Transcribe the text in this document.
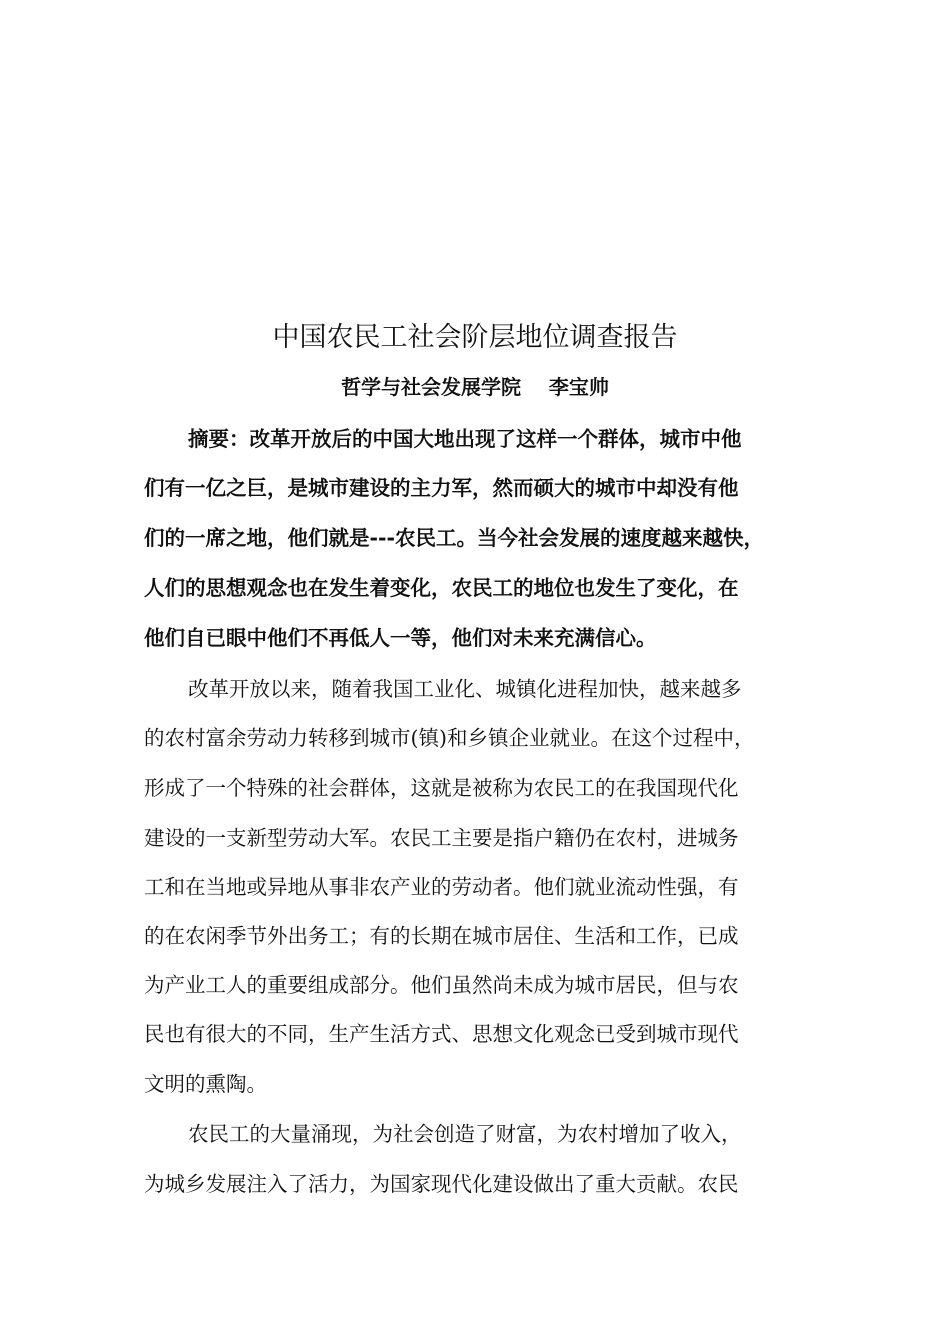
中国农民工社会阶层地位调查报告
哲学与社会发展学院    李宝帅
摘要：改革开放后的中国大地出现了这样一个群体，城市中他
们有一亿之巨，是城市建设的主力军，然而硕大的城市中却没有他
们的一席之地，他们就是---农民工。当今社会发展的速度越来越快，
人们的思想观念也在发生着变化，农民工的地位也发生了变化，在
他们自已眼中他们不再低人一等，他们对未来充满信心。
改革开放以来，随着我国工业化、城镇化进程加快，越来越多
的农村富余劳动力转移到城市(镇)和乡镇企业就业。在这个过程中，
形成了一个特殊的社会群体，这就是被称为农民工的在我国现代化
建设的一支新型劳动大军。农民工主要是指户籍仍在农村，进城务
工和在当地或异地从事非农产业的劳动者。他们就业流动性强，有
的在农闲季节外出务工；有的长期在城市居住、生活和工作，已成
为产业工人的重要组成部分。他们虽然尚未成为城市居民，但与农
民也有很大的不同，生产生活方式、思想文化观念已受到城市现代
文明的熏陶。
农民工的大量涌现，为社会创造了财富，为农村增加了收入，
为城乡发展注入了活力，为国家现代化建设做出了重大贡献。农民
